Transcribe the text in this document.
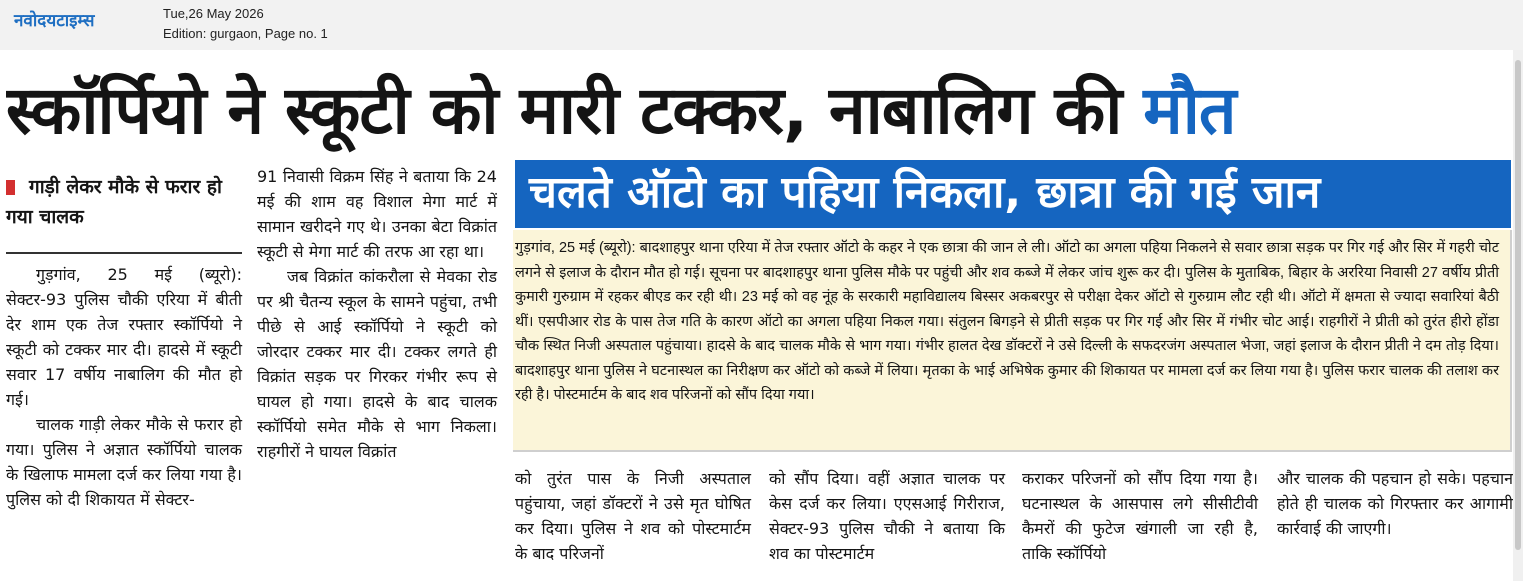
नवोदयटाइम्स	Tue,26 May 2026
Edition: gurgaon, Page no. 1
स्कॉर्पियो ने स्कूटी को मारी टक्कर, नाबालिग की मौत
गाड़ी लेकर मौके से फरार हो गया चालक

गुड़गांव, 25 मई (ब्यूरो): सेक्टर-93 पुलिस चौकी एरिया में बीती देर शाम एक तेज रफ्तार स्कॉर्पियो ने स्कूटी को टक्कर मार दी। हादसे में स्कूटी सवार 17 वर्षीय नाबालिग की मौत हो गई।

चालक गाड़ी लेकर मौके से फरार हो गया। पुलिस ने अज्ञात स्कॉर्पियो चालक के खिलाफ मामला दर्ज कर लिया गया है। पुलिस को दी शिकायत में सेक्टर-

91 निवासी विक्रम सिंह ने बताया कि 24 मई की शाम वह विशाल मेगा मार्ट में सामान खरीदने गए थे। उनका बेटा विक्रांत स्कूटी से मेगा मार्ट की तरफ आ रहा था।

जब विक्रांत कांकरौला से मेवका रोड पर श्री चैतन्य स्कूल के सामने पहुंचा, तभी पीछे से आई स्कॉर्पियो ने स्कूटी को जोरदार टक्कर मार दी। टक्कर लगते ही विक्रांत सड़क पर गिरकर गंभीर रूप से घायल हो गया। हादसे के बाद चालक स्कॉर्पियो समेत मौके से भाग निकला। राहगीरों ने घायल विक्रांत

चलते ऑटो का पहिया निकला, छात्रा की गई जान

गुड़गांव, 25 मई (ब्यूरो): बादशाहपुर थाना एरिया में तेज रफ्तार ऑटो के कहर ने एक छात्रा की जान ले ली। ऑटो का अगला पहिया निकलने से सवार छात्रा सड़क पर गिर गई और सिर में गहरी चोट लगने से इलाज के दौरान मौत हो गई। सूचना पर बादशाहपुर थाना पुलिस मौके पर पहुंची और शव कब्जे में लेकर जांच शुरू कर दी। पुलिस के मुताबिक, बिहार के अररिया निवासी 27 वर्षीय प्रीती कुमारी गुरुग्राम में रहकर बीएड कर रही थी। 23 मई को वह नूंह के सरकारी महाविद्यालय बिस्सर अकबरपुर से परीक्षा देकर ऑटो से गुरुग्राम लौट रही थी। ऑटो में क्षमता से ज्यादा सवारियां बैठी थीं। एसपीआर रोड के पास तेज गति के कारण ऑटो का अगला पहिया निकल गया। संतुलन बिगड़ने से प्रीती सड़क पर गिर गई और सिर में गंभीर चोट आई। राहगीरों ने प्रीती को तुरंत हीरो होंडा चौक स्थित निजी अस्पताल पहुंचाया। हादसे के बाद चालक मौके से भाग गया। गंभीर हालत देख डॉक्टरों ने उसे दिल्ली के सफदरजंग अस्पताल भेजा, जहां इलाज के दौरान प्रीती ने दम तोड़ दिया। बादशाहपुर थाना पुलिस ने घटनास्थल का निरीक्षण कर ऑटो को कब्जे में लिया। मृतका के भाई अभिषेक कुमार की शिकायत पर मामला दर्ज कर लिया गया है। पुलिस फरार चालक की तलाश कर रही है। पोस्टमार्टम के बाद शव परिजनों को सौंप दिया गया।

को तुरंत पास के निजी अस्पताल पहुंचाया, जहां डॉक्टरों ने उसे मृत घोषित कर दिया। पुलिस ने शव को पोस्टमार्टम के बाद परिजनों

को सौंप दिया। वहीं अज्ञात चालक पर केस दर्ज कर लिया। एएसआई गिरीराज, सेक्टर-93 पुलिस चौकी ने बताया कि शव का पोस्टमार्टम

कराकर परिजनों को सौंप दिया गया है। घटनास्थल के आसपास लगे सीसीटीवी कैमरों की फुटेज खंगाली जा रही है, ताकि स्कॉर्पियो

और चालक की पहचान हो सके। पहचान होते ही चालक को गिरफ्तार कर आगामी कार्रवाई की जाएगी।
